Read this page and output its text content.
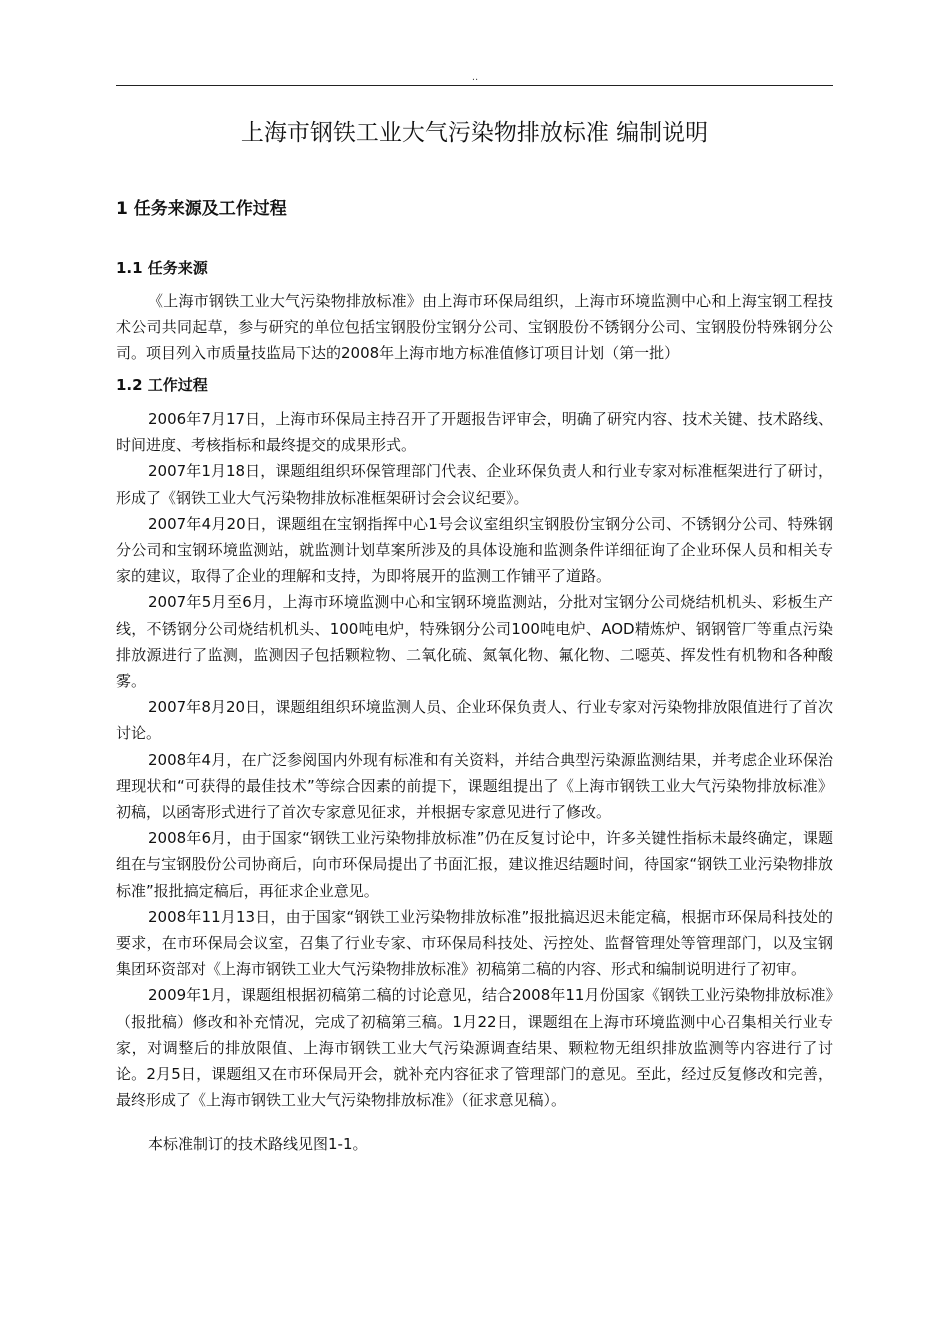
..
上海市钢铁工业大气污染物排放标准 编制说明
1 任务来源及工作过程
1.1 任务来源

《上海市钢铁工业大气污染物排放标准》由上海市环保局组织，上海市环境监测中心和上海宝钢工程技术公司共同起草，参与研究的单位包括宝钢股份宝钢分公司、宝钢股份不锈钢分公司、宝钢股份特殊钢分公司。项目列入市质量技监局下达的2008年上海市地方标准值修订项目计划（第一批）

1.2 工作过程

2006年7月17日，上海市环保局主持召开了开题报告评审会，明确了研究内容、技术关键、技术路线、时间进度、考核指标和最终提交的成果形式。

2007年1月18日，课题组组织环保管理部门代表、企业环保负责人和行业专家对标准框架进行了研讨，形成了《钢铁工业大气污染物排放标准框架研讨会会议纪要》。

2007年4月20日，课题组在宝钢指挥中心1号会议室组织宝钢股份宝钢分公司、不锈钢分公司、特殊钢分公司和宝钢环境监测站，就监测计划草案所涉及的具体设施和监测条件详细征询了企业环保人员和相关专家的建议，取得了企业的理解和支持，为即将展开的监测工作铺平了道路。

2007年5月至6月，上海市环境监测中心和宝钢环境监测站，分批对宝钢分公司烧结机机头、彩板生产线，不锈钢分公司烧结机机头、100吨电炉，特殊钢分公司100吨电炉、AOD精炼炉、钢钢管厂等重点污染排放源进行了监测，监测因子包括颗粒物、二氧化硫、氮氧化物、氟化物、二噁英、挥发性有机物和各种酸雾。

2007年8月20日，课题组组织环境监测人员、企业环保负责人、行业专家对污染物排放限值进行了首次讨论。

2008年4月，在广泛参阅国内外现有标准和有关资料，并结合典型污染源监测结果，并考虑企业环保治理现状和“可获得的最佳技术”等综合因素的前提下，课题组提出了《上海市钢铁工业大气污染物排放标准》初稿，以函寄形式进行了首次专家意见征求，并根据专家意见进行了修改。

2008年6月，由于国家“钢铁工业污染物排放标准”仍在反复讨论中，许多关键性指标未最终确定，课题组在与宝钢股份公司协商后，向市环保局提出了书面汇报，建议推迟结题时间，待国家“钢铁工业污染物排放标准”报批搞定稿后，再征求企业意见。

2008年11月13日，由于国家“钢铁工业污染物排放标准”报批搞迟迟未能定稿，根据市环保局科技处的要求，在市环保局会议室，召集了行业专家、市环保局科技处、污控处、监督管理处等管理部门，以及宝钢集团环资部对《上海市钢铁工业大气污染物排放标准》初稿第二稿的内容、形式和编制说明进行了初审。

2009年1月，课题组根据初稿第二稿的讨论意见，结合2008年11月份国家《钢铁工业污染物排放标准》（报批稿）修改和补充情况，完成了初稿第三稿。1月22日，课题组在上海市环境监测中心召集相关行业专家，对调整后的排放限值、上海市钢铁工业大气污染源调查结果、颗粒物无组织排放监测等内容进行了讨论。2月5日，课题组又在市环保局开会，就补充内容征求了管理部门的意见。至此，经过反复修改和完善，最终形成了《上海市钢铁工业大气污染物排放标准》（征求意见稿）。

本标准制订的技术路线见图1-1。
